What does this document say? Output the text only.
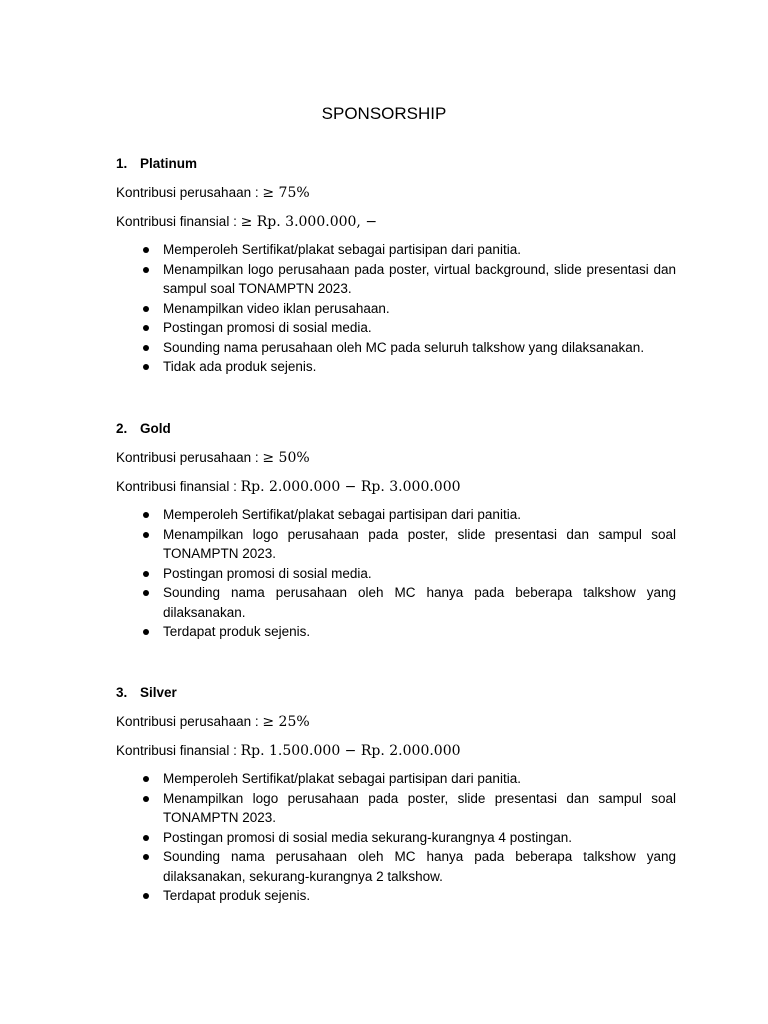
SPONSORSHIP
1. Platinum
Kontribusi perusahaan : ≥ 75%
Kontribusi finansial : ≥ Rp. 3.000.000, −
Memperoleh Sertifikat/plakat sebagai partisipan dari panitia.
Menampilkan logo perusahaan pada poster, virtual background, slide presentasi dan sampul soal TONAMPTN 2023.
Menampilkan video iklan perusahaan.
Postingan promosi di sosial media.
Sounding nama perusahaan oleh MC pada seluruh talkshow yang dilaksanakan.
Tidak ada produk sejenis.
2. Gold
Kontribusi perusahaan : ≥ 50%
Kontribusi finansial : Rp. 2.000.000 − Rp. 3.000.000
Memperoleh Sertifikat/plakat sebagai partisipan dari panitia.
Menampilkan logo perusahaan pada poster, slide presentasi dan sampul soal TONAMPTN 2023.
Postingan promosi di sosial media.
Sounding nama perusahaan oleh MC hanya pada beberapa talkshow yang dilaksanakan.
Terdapat produk sejenis.
3. Silver
Kontribusi perusahaan : ≥ 25%
Kontribusi finansial : Rp. 1.500.000 − Rp. 2.000.000
Memperoleh Sertifikat/plakat sebagai partisipan dari panitia.
Menampilkan logo perusahaan pada poster, slide presentasi dan sampul soal TONAMPTN 2023.
Postingan promosi di sosial media sekurang-kurangnya 4 postingan.
Sounding nama perusahaan oleh MC hanya pada beberapa talkshow yang dilaksanakan, sekurang-kurangnya 2 talkshow.
Terdapat produk sejenis.
